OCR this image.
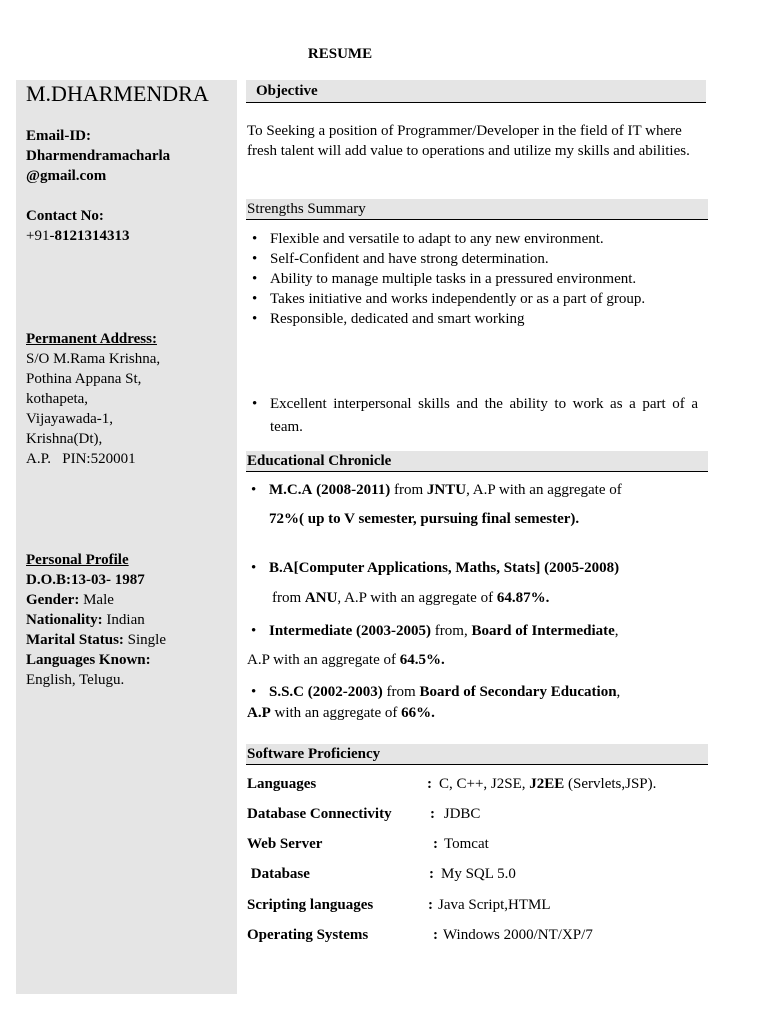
RESUME
M.DHARMENDRA
Email-ID:
Dharmendramacharla
@gmail.com
Contact No:
+91-8121314313
Permanent Address:
S/O M.Rama Krishna,
Pothina Appana St,
kothapeta,
Vijayawada-1,
Krishna(Dt),
A.P.   PIN:520001
Personal Profile
D.O.B:13-03- 1987
Gender: Male
Nationality: Indian
Marital Status: Single
Languages Known:
English, Telugu.
Objective
To Seeking a position of Programmer/Developer in the field of IT where fresh talent will add value to operations and utilize my skills and abilities.
Strengths Summary
• Flexible and versatile to adapt to any new environment.
• Self-Confident and have strong determination.
• Ability to manage multiple tasks in a pressured environment.
• Takes initiative and works independently or as a part of group.
• Responsible, dedicated and smart working
• Excellent interpersonal skills and the ability to work as a part of a team.
Educational Chronicle
• M.C.A (2008-2011) from JNTU, A.P with an aggregate of
72%( up to V semester, pursuing final semester).
• B.A[Computer Applications, Maths, Stats] (2005-2008)
from ANU, A.P with an aggregate of 64.87%.
• Intermediate (2003-2005) from, Board of Intermediate,
A.P with an aggregate of 64.5%.
• S.S.C (2002-2003) from Board of Secondary Education,
A.P with an aggregate of 66%.
Software Proficiency
Languages	: C, C++, J2SE, J2EE (Servlets,JSP).
Database Connectivity	: JDBC
Web Server	: Tomcat
Database	: My SQL 5.0
Scripting languages	: Java Script,HTML
Operating Systems	: Windows 2000/NT/XP/7
